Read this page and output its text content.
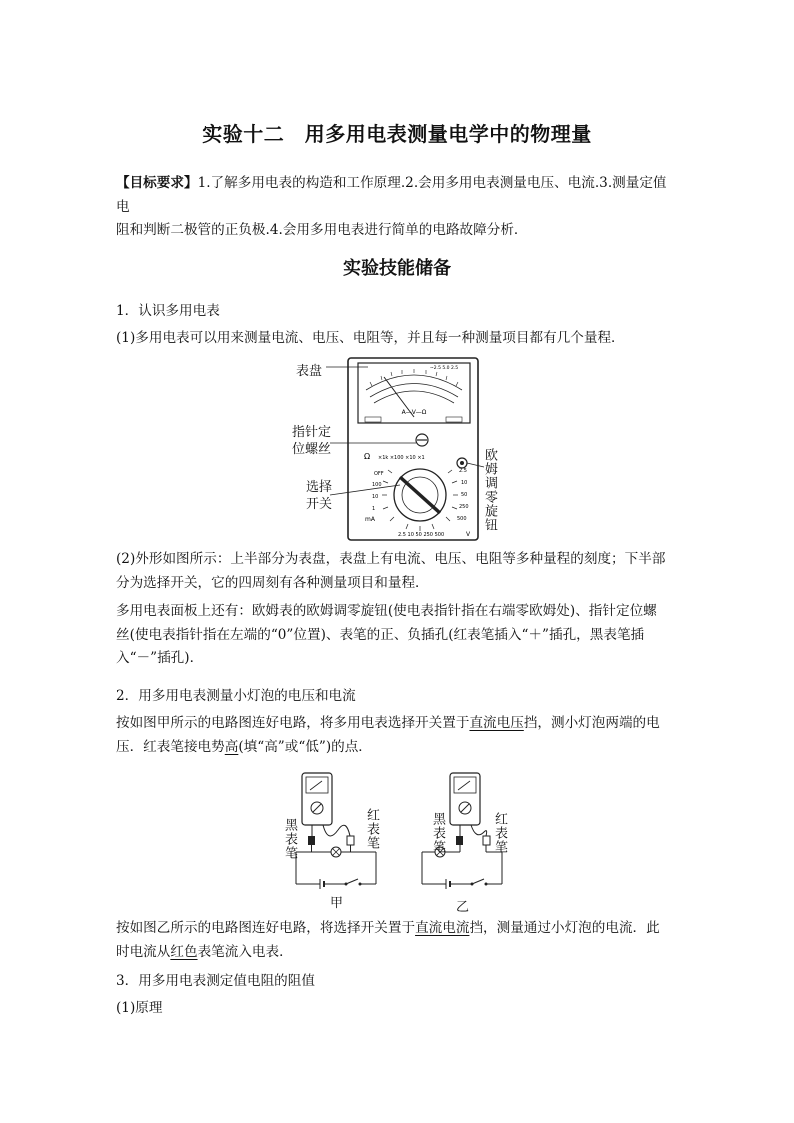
实验十二　用多用电表测量电学中的物理量
【目标要求】1.了解多用电表的构造和工作原理.2.会用多用电表测量电压、电流.3.测量定值电
阻和判断二极管的正负极.4.会用多用电表进行简单的电路故障分析．
实验技能储备
1．认识多用电表
(1)多用电表可以用来测量电流、电压、电阻等，并且每一种测量项目都有几个量程．
A—V—Ω
~2.5 5.0 2.5
Ω ×1k ×100 ×10 ×1
OFF
100
10
1
mA
2.5
10
50
250
500
2.5 10 50 250 500	V
表盘
指针定
位螺丝
选择
开关	欧姆调零旋钮
(2)外形如图所示：上半部分为表盘，表盘上有电流、电压、电阻等多种量程的刻度；下半部
分为选择开关，它的四周刻有各种测量项目和量程．
多用电表面板上还有：欧姆表的欧姆调零旋钮(使电表指针指在右端零欧姆处)、指针定位螺
丝(使电表指针指在左端的“0”位置)、表笔的正、负插孔(红表笔插入“＋”插孔，黑表笔插
入“－”插孔)．
2．用多用电表测量小灯泡的电压和电流
按如图甲所示的电路图连好电路，将多用电表选择开关置于直流电压挡，测小灯泡两端的电
压．红表笔接电势高(填“高”或“低”)的点．
黑表笔	红表笔	黑表笔	红表笔
甲	乙
按如图乙所示的电路图连好电路，将选择开关置于直流电流挡，测量通过小灯泡的电流．此
时电流从红色表笔流入电表．
3．用多用电表测定值电阻的阻值
(1)原理
